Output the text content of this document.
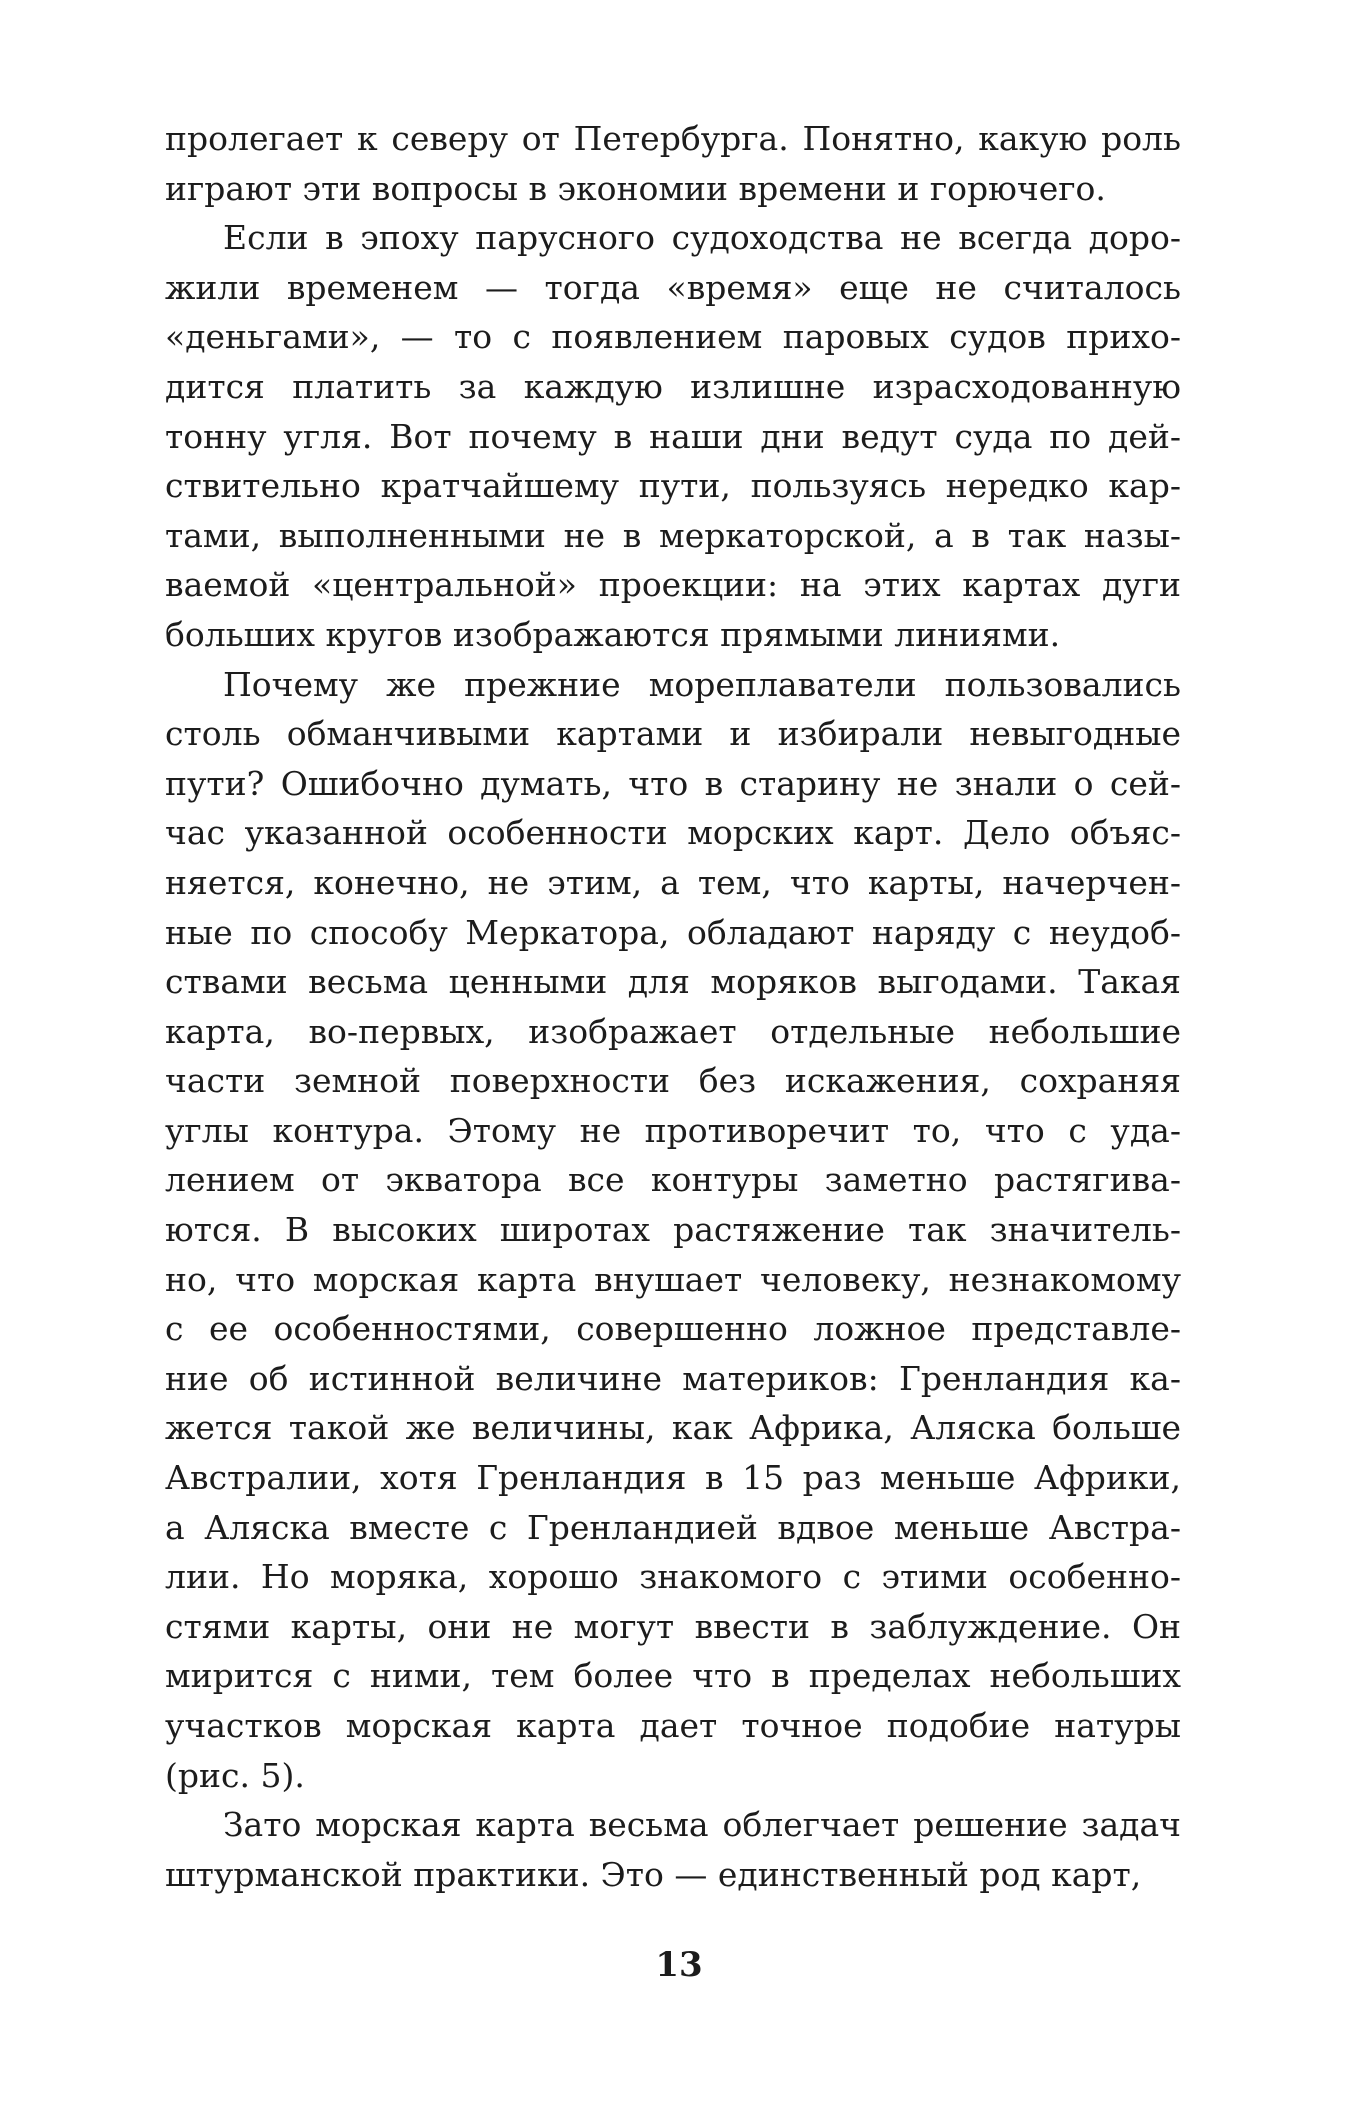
пролегает к северу от Петербурга. Понятно, какую роль
играют эти вопросы в экономии времени и горючего.
Если в эпоху парусного судоходства не всегда доро-
жили временем — тогда «время» еще не считалось
«деньгами», — то с появлением паровых судов прихо-
дится платить за каждую излишне израсходованную
тонну угля. Вот почему в наши дни ведут суда по дей-
ствительно кратчайшему пути, пользуясь нередко кар-
тами, выполненными не в меркаторской, а в так назы-
ваемой «центральной» проекции: на этих картах дуги
больших кругов изображаются прямыми линиями.
Почему же прежние мореплаватели пользовались
столь обманчивыми картами и избирали невыгодные
пути? Ошибочно думать, что в старину не знали о сей-
час указанной особенности морских карт. Дело объяс-
няется, конечно, не этим, а тем, что карты, начерчен-
ные по способу Меркатора, обладают наряду с неудоб-
ствами весьма ценными для моряков выгодами. Такая
карта, во-первых, изображает отдельные небольшие
части земной поверхности без искажения, сохраняя
углы контура. Этому не противоречит то, что с уда-
лением от экватора все контуры заметно растягива-
ются. В высоких широтах растяжение так значитель-
но, что морская карта внушает человеку, незнакомому
с ее особенностями, совершенно ложное представле-
ние об истинной величине материков: Гренландия ка-
жется такой же величины, как Африка, Аляска больше
Австралии, хотя Гренландия в 15 раз меньше Африки,
а Аляска вместе с Гренландией вдвое меньше Австра-
лии. Но моряка, хорошо знакомого с этими особенно-
стями карты, они не могут ввести в заблуждение. Он
мирится с ними, тем более что в пределах небольших
участков морская карта дает точное подобие натуры
(рис. 5).
Зато морская карта весьма облегчает решение задач
штурманской практики. Это — единственный род карт,
13
